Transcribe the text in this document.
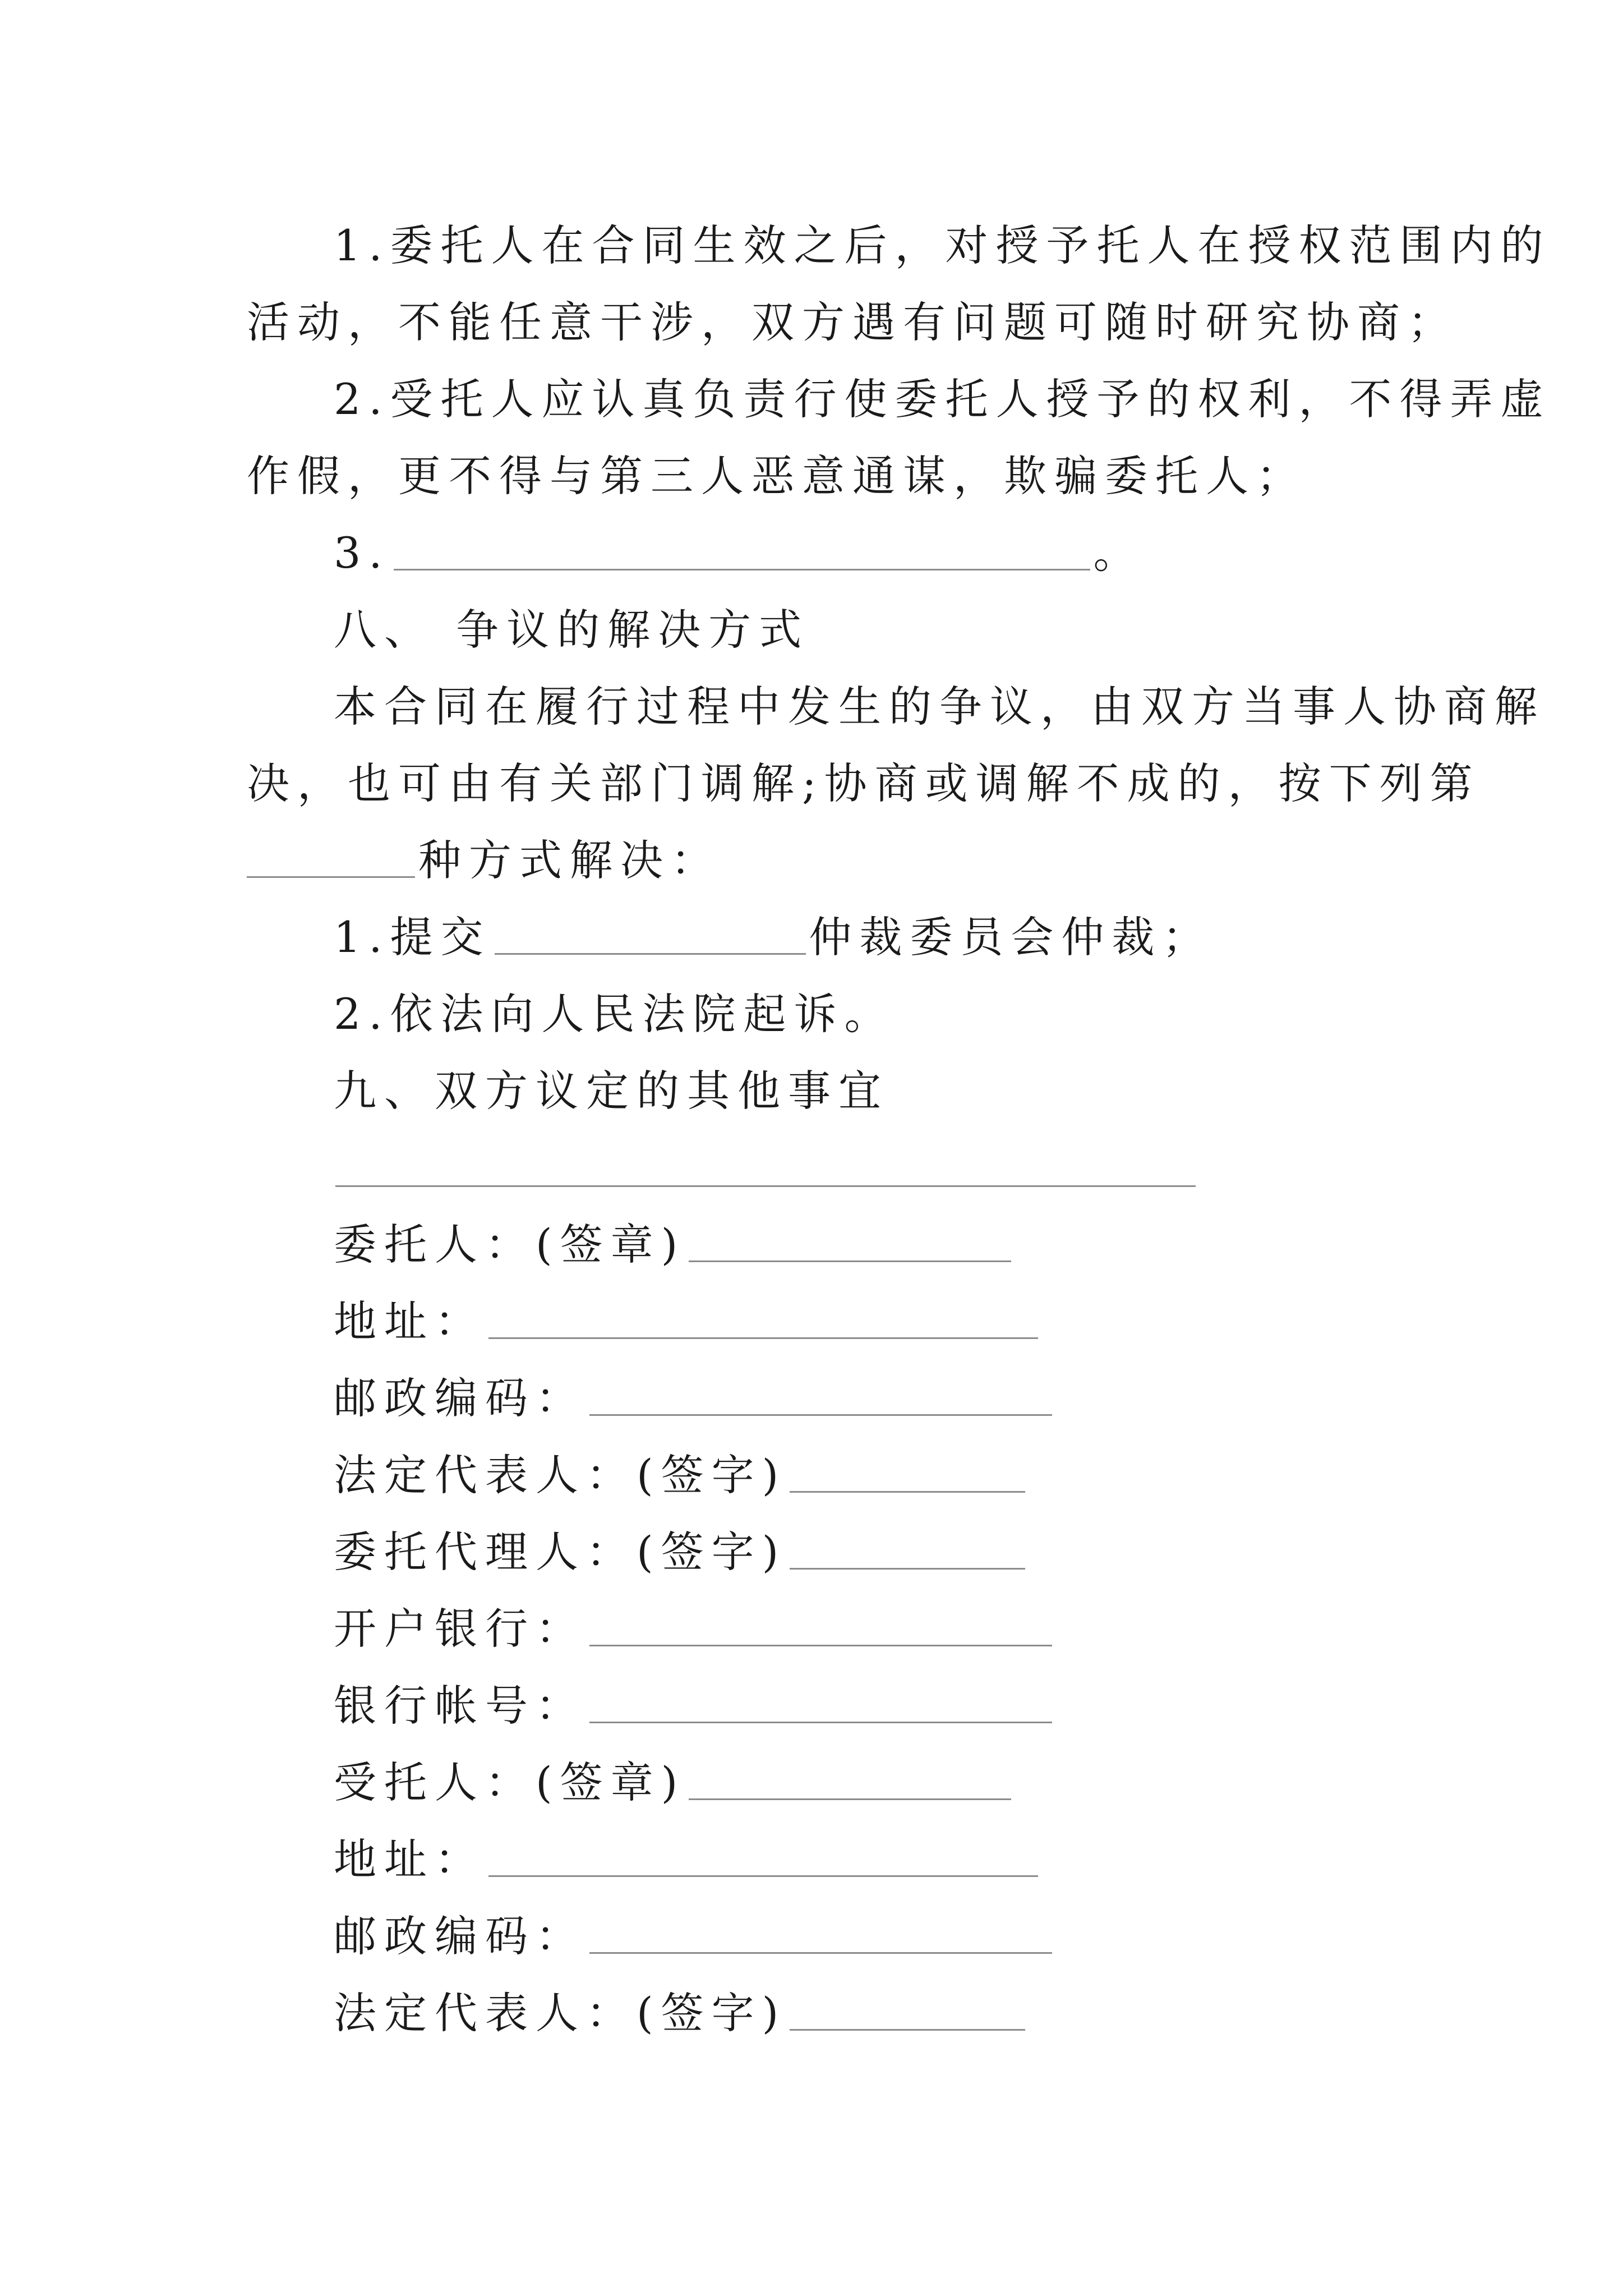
1.委托人在合同生效之后，对授予托人在授权范围内的
活动，不能任意干涉，双方遇有问题可随时研究协商；
2.受托人应认真负责行使委托人授予的权利，不得弄虚
作假，更不得与第三人恶意通谋，欺骗委托人；
3.	。
八、 争议的解决方式
本合同在履行过程中发生的争议，由双方当事人协商解
决，也可由有关部门调解;协商或调解不成的，按下列第
种方式解决：
1.提交	仲裁委员会仲裁；
2.依法向人民法院起诉。
九、双方议定的其他事宜
委托人：(签章)
地址：
邮政编码：
法定代表人：(签字)
委托代理人：(签字)
开户银行：
银行帐号：
受托人：(签章)
地址：
邮政编码：
法定代表人：(签字)
